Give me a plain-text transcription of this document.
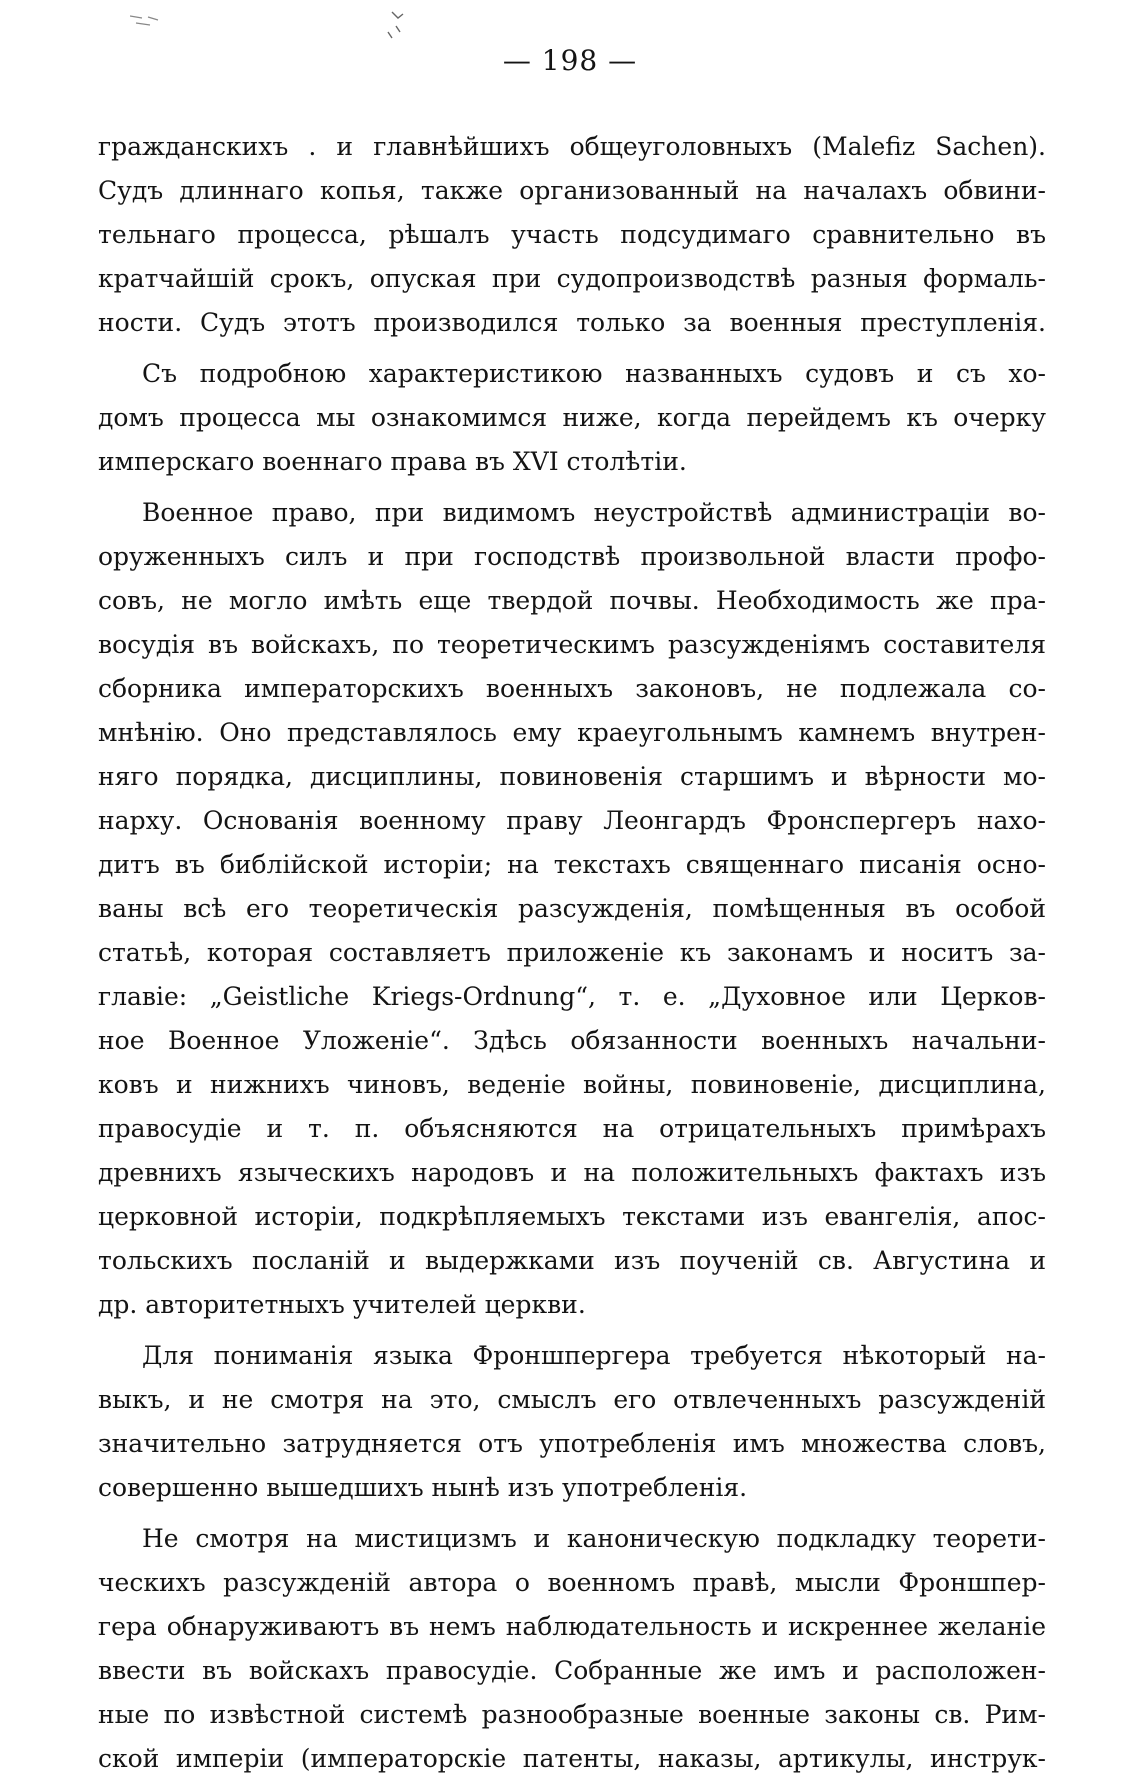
— 198 —
гражданскихъ . и главнѣйшихъ общеуголовныхъ (Malefiz Sachen).
Судъ длиннаго копья, также организованный на началахъ обвини-
тельнаго процесса, рѣшалъ участь подсудимаго сравнительно въ
кратчайшій срокъ, опуская при судопроизводствѣ разныя формаль-
ности. Судъ этотъ производился только за военныя преступленія.
Съ подробною характеристикою названныхъ судовъ и съ хо-
домъ процесса мы ознакомимся ниже, когда перейдемъ къ очерку
имперскаго военнаго права въ XVI столѣтіи.
Военное право, при видимомъ неустройствѣ администраціи во-
оруженныхъ силъ и при господствѣ произвольной власти профо-
совъ, не могло имѣть еще твердой почвы. Необходимость же пра-
восудія въ войскахъ, по теоретическимъ разсужденіямъ составителя
сборника императорскихъ военныхъ законовъ, не подлежала со-
мнѣнію. Оно представлялось ему краеугольнымъ камнемъ внутрен-
няго порядка, дисциплины, повиновенія старшимъ и вѣрности мо-
нарху. Основанія военному праву Леонгардъ Фронспергеръ нахо-
дитъ въ библійской исторіи; на текстахъ священнаго писанія осно-
ваны всѣ его теоретическія разсужденія, помѣщенныя въ особой
статьѣ, которая составляетъ приложеніе къ законамъ и носитъ за-
главіе: „Geistliche Kriegs-Ordnung“, т. е. „Духовное или Церков-
ное Военное Уложеніе“. Здѣсь обязанности военныхъ начальни-
ковъ и нижнихъ чиновъ, веденіе войны, повиновеніе, дисциплина,
правосудіе и т. п. объясняются на отрицательныхъ примѣрахъ
древнихъ языческихъ народовъ и на положительныхъ фактахъ изъ
церковной исторіи, подкрѣпляемыхъ текстами изъ евангелія, апос-
тольскихъ посланій и выдержками изъ поученій св. Августина и
др. авторитетныхъ учителей церкви.
Для пониманія языка Фроншпергера требуется нѣкоторый на-
выкъ, и не смотря на это, смыслъ его отвлеченныхъ разсужденій
значительно затрудняется отъ употребленія имъ множества словъ,
совершенно вышедшихъ нынѣ изъ употребленія.
Не смотря на мистицизмъ и каноническую подкладку теорети-
ческихъ разсужденій автора о военномъ правѣ, мысли Фроншпер-
гера обнаруживаютъ въ немъ наблюдательность и искреннее желаніе
ввести въ войскахъ правосудіе. Собранные же имъ и расположен-
ные по извѣстной системѣ разнообразные военные законы св. Рим-
ской имперіи (императорскіе патенты, наказы, артикулы, инструк-
